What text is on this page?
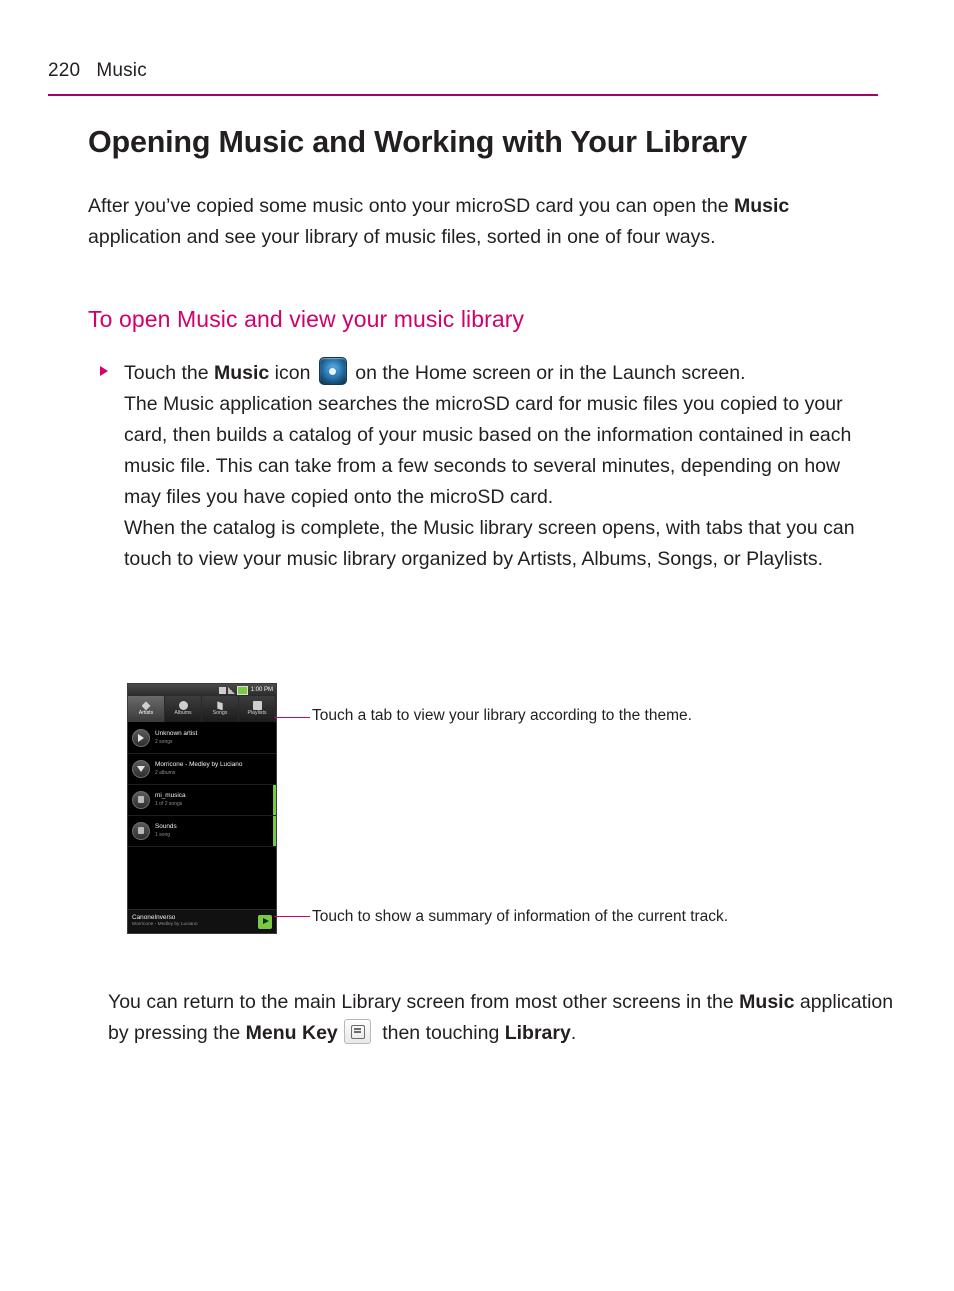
220 Music
Opening Music and Working with Your Library
After you’ve copied some music onto your microSD card you can open the Music application and see your library of music files, sorted in one of four ways.
To open Music and view your music library
Touch the Music icon  on the Home screen or in the Launch screen.
The Music application searches the microSD card for music files you copied to your card, then builds a catalog of your music based on the information contained in each music file. This can take from a few seconds to several minutes, depending on how may files you have copied onto the microSD card.
When the catalog is complete, the Music library screen opens, with tabs that you can touch to view your music library organized by Artists, Albums, Songs, or Playlists.
1:00 PM
Artists	Albums	Songs	Playlists
Unknown artist
2 songs
Morricone - Medley by Luciano
2 albums
mi_musica
1 of 2 songs
Sounds
1 song
CanoneInverso
Morricone - Medley by Luciano
Touch a tab to view your library according to the theme.
Touch to show a summary of information of the current track.
You can return to the main Library screen from most other screens in the Music application by pressing the Menu Key then touching Library.
